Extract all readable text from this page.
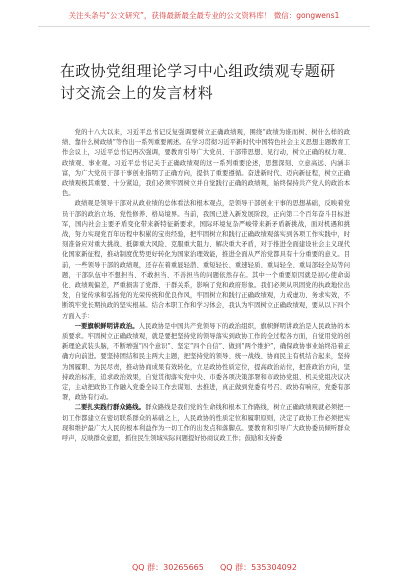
关注头条号“公文研究”，获得最新最全最专业的公文资料库！ 微信：gongwens1
在政协党组理论学习中心组政绩观专题研讨交流会上的发言材料

党的十八大以来，习近平总书记反复强调要树立正确政绩观，围绕“政绩为谁而树、树什么样的政绩、靠什么树政绩”等作出一系列重要阐述。在学习贯彻习近平新时代中国特色社会主义思想主题教育工作会议上，习近平总书记再次强调，要教育引导广大党员、干部带思想、见行动，树立正确的权力观、政绩观、事业观。习近平总书记关于正确政绩观的这一系列重要论述，思想深刻、立意高远、内涵丰富，为广大党员干部干事创业指明了正确方向，提供了重要遵循。奋进新时代、迈向新征程，树立正确政绩观极其重要、十分紧迫，我们必须牢固树立并自觉践行正确的政绩观，始终保持共产党人的政治本色。

政绩观是领导干部对从政业绩的总体看法和根本观点，是领导干部创业干事的思想基础，反映着党员干部的政治立场、党性修养、格局境界。当前，我国已进入新发展阶段，正向第二个百年奋斗目标进军，国内社会主要矛盾变化带来新特征新要求，国际环境复杂严峻带来新矛盾新挑战，面对机遇和挑战，努力实现党百年历程中积累的宝贵经验，把牢固树立和践行正确政绩观落实到各项工作实践中，时刻准备应对重大挑战、抵御重大风险、克服重大阻力、解决重大矛盾，对于推进全面建设社会主义现代化国家新征程，推动制度优势更好转化为国家治理效能，推进全面从严治党都具有十分重要的意义。目前，一些领导干部的政绩观，还存在着重显轻潜、重短轻长、重速轻质、重局轻全、重局部轻全局等问题，干部队伍中不想担当、不敢担当、不善担当的问题依然存在。其中一个重要原因就是初心使命弱化、政绩观偏差，严重损害了党群、干群关系，影响了党和政府形象。我们必须从巩固党的执政地位出发，自觉传承和弘扬党的光荣传统和优良作风，牢固树立和践行正确政绩观，力戒虚功、务求实效，不断筑牢党长期执政的坚实根基。结合本职工作和学习体会，我认为牢固树立正确政绩观，要从以下四个方面入手：

一要旗帜鲜明讲政治。人民政协是中国共产党领导下的政治组织，旗帜鲜明讲政治是人民政协的本质要求。牢固树立正确政绩观，就是要把坚持党的领导落实到政协工作的全过程各方面，自觉用党的创新理论武装头脑，不断增强“四个意识”、坚定“四个自信”、做到“两个维护”，确保政协事业始终沿着正确方向前进。要坚持团结和民主两大主题，把坚持党的领导、统一战线、协商民主有机结合起来，坚持为国履职、为民尽责，推动协商成果有效转化，立足政协性质定位，提高政治站位，把准政治方向，坚持政治标准，追求政治效果，自觉贯彻落实党中央、市委各项决策部署和市政协党组、机关党组决议决定，主动把政协工作融入党委全局工作去谋划、去推进，真正做到党委有号召、政协有响应，党委有部署，政协有行动。

二要扎实践行群众路线。群众路线是我们党的生命线和根本工作路线，树立正确政绩观就必须把一切工作都建立在密切联系群众的基础之上，人民政协的性质定位和履职原则，决定了政协工作必须把实现和维护最广大人民的根本利益作为一切工作的出发点和落脚点。要教育和引导广大政协委员倾听群众呼声，反映群众意愿，抓住民生领域实际问题提好协商议政工作；鼓励和支持委

QQ 群：30265665 QQ 群：535304092
